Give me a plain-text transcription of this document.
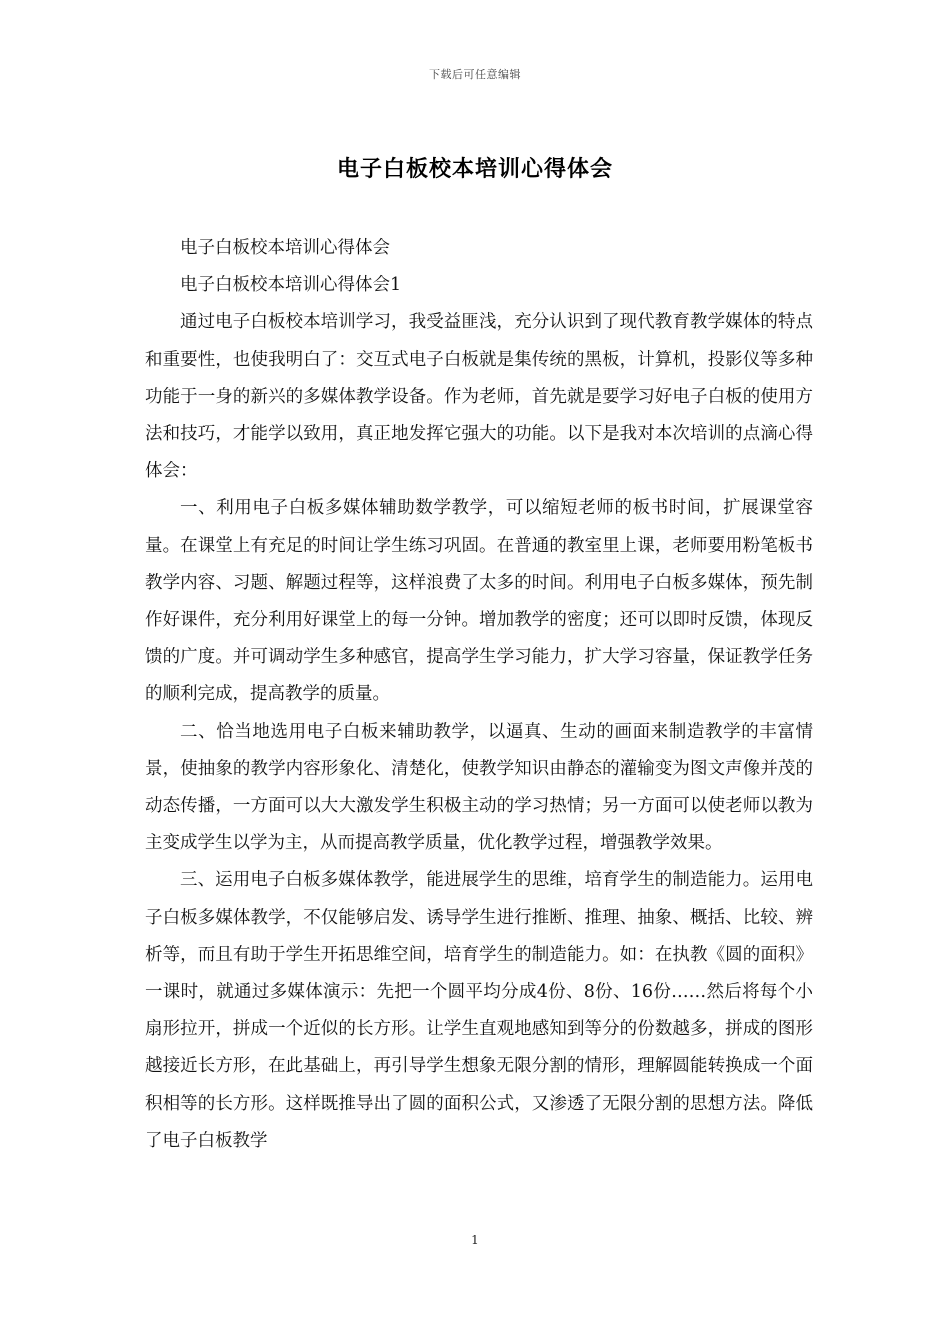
下载后可任意编辑
电子白板校本培训心得体会

电子白板校本培训心得体会

电子白板校本培训心得体会1

通过电子白板校本培训学习，我受益匪浅，充分认识到了现代教育教学媒体的特点和重要性，也使我明白了：交互式电子白板就是集传统的黑板，计算机，投影仪等多种功能于一身的新兴的多媒体教学设备。作为老师，首先就是要学习好电子白板的使用方法和技巧，才能学以致用，真正地发挥它强大的功能。以下是我对本次培训的点滴心得体会：

一、利用电子白板多媒体辅助数学教学，可以缩短老师的板书时间，扩展课堂容量。在课堂上有充足的时间让学生练习巩固。在普通的教室里上课，老师要用粉笔板书教学内容、习题、解题过程等，这样浪费了太多的时间。利用电子白板多媒体，预先制作好课件，充分利用好课堂上的每一分钟。增加教学的密度；还可以即时反馈，体现反馈的广度。并可调动学生多种感官，提高学生学习能力，扩大学习容量，保证教学任务的顺利完成，提高教学的质量。

二、恰当地选用电子白板来辅助教学，以逼真、生动的画面来制造教学的丰富情景，使抽象的教学内容形象化、清楚化，使教学知识由静态的灌输变为图文声像并茂的动态传播，一方面可以大大激发学生积极主动的学习热情；另一方面可以使老师以教为主变成学生以学为主，从而提高教学质量，优化教学过程，增强教学效果。

三、运用电子白板多媒体教学，能进展学生的思维，培育学生的制造能力。运用电子白板多媒体教学，不仅能够启发、诱导学生进行推断、推理、抽象、概括、比较、辨析等，而且有助于学生开拓思维空间，培育学生的制造能力。如：在执教《圆的面积》一课时，就通过多媒体演示：先把一个圆平均分成4份、8份、16份……然后将每个小扇形拉开，拼成一个近似的长方形。让学生直观地感知到等分的份数越多，拼成的图形越接近长方形，在此基础上，再引导学生想象无限分割的情形，理解圆能转换成一个面积相等的长方形。这样既推导出了圆的面积公式，又渗透了无限分割的思想方法。降低了电子白板教学

1
